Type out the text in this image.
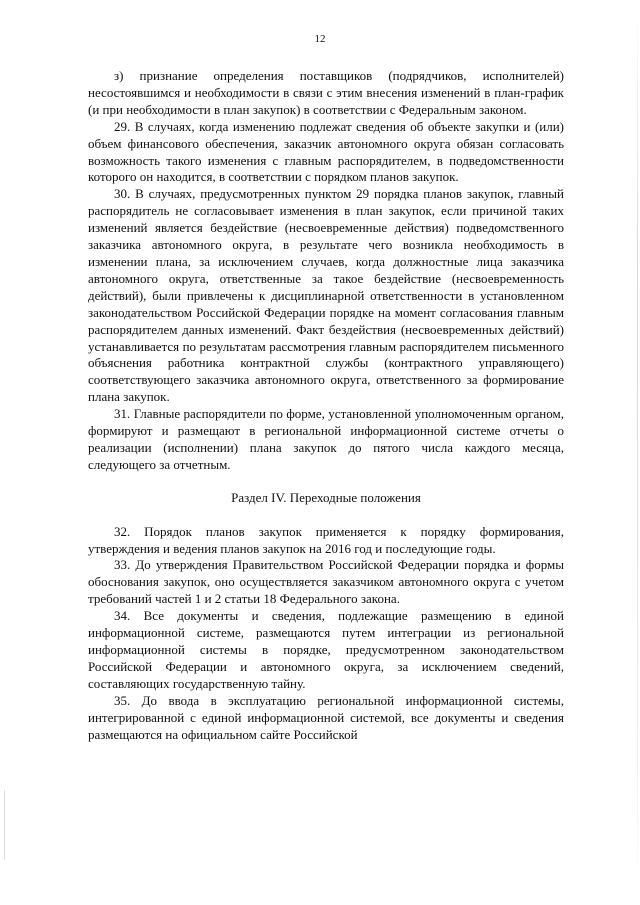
12

з) признание определения поставщиков (подрядчиков, исполнителей) несостоявшимся и необходимости в связи с этим внесения изменений в план-график (и при необходимости в план закупок) в соответствии с Федеральным законом.

29. В случаях, когда изменению подлежат сведения об объекте закупки и (или) объем финансового обеспечения, заказчик автономного округа обязан согласовать возможность такого изменения с главным распорядителем, в подведомственности которого он находится, в соответствии с порядком планов закупок.

30. В случаях, предусмотренных пунктом 29 порядка планов закупок, главный распорядитель не согласовывает изменения в план закупок, если причиной таких изменений является бездействие (несвоевременные действия) подведомственного заказчика автономного округа, в результате чего возникла необходимость в изменении плана, за исключением случаев, когда должностные лица заказчика автономного округа, ответственные за такое бездействие (несвоевременность действий), были привлечены к дисциплинарной ответственности в установленном законодательством Российской Федерации порядке на момент согласования главным распорядителем данных изменений. Факт бездействия (несвоевременных действий) устанавливается по результатам рассмотрения главным распорядителем письменного объяснения работника контрактной службы (контрактного управляющего) соответствующего заказчика автономного округа, ответственного за формирование плана закупок.

31. Главные распорядители по форме, установленной уполномоченным органом, формируют и размещают в региональной информационной системе отчеты о реализации (исполнении) плана закупок до пятого числа каждого месяца, следующего за отчетным.

Раздел IV. Переходные положения

32. Порядок планов закупок применяется к порядку формирования, утверждения и ведения планов закупок на 2016 год и последующие годы.

33. До утверждения Правительством Российской Федерации порядка и формы обоснования закупок, оно осуществляется заказчиком автономного округа с учетом требований частей 1 и 2 статьи 18 Федерального закона.

34. Все документы и сведения, подлежащие размещению в единой информационной системе, размещаются путем интеграции из региональной информационной системы в порядке, предусмотренном законодательством Российской Федерации и автономного округа, за исключением сведений, составляющих государственную тайну.

35. До ввода в эксплуатацию региональной информационной системы, интегрированной с единой информационной системой, все документы и сведения размещаются на официальном сайте Российской
